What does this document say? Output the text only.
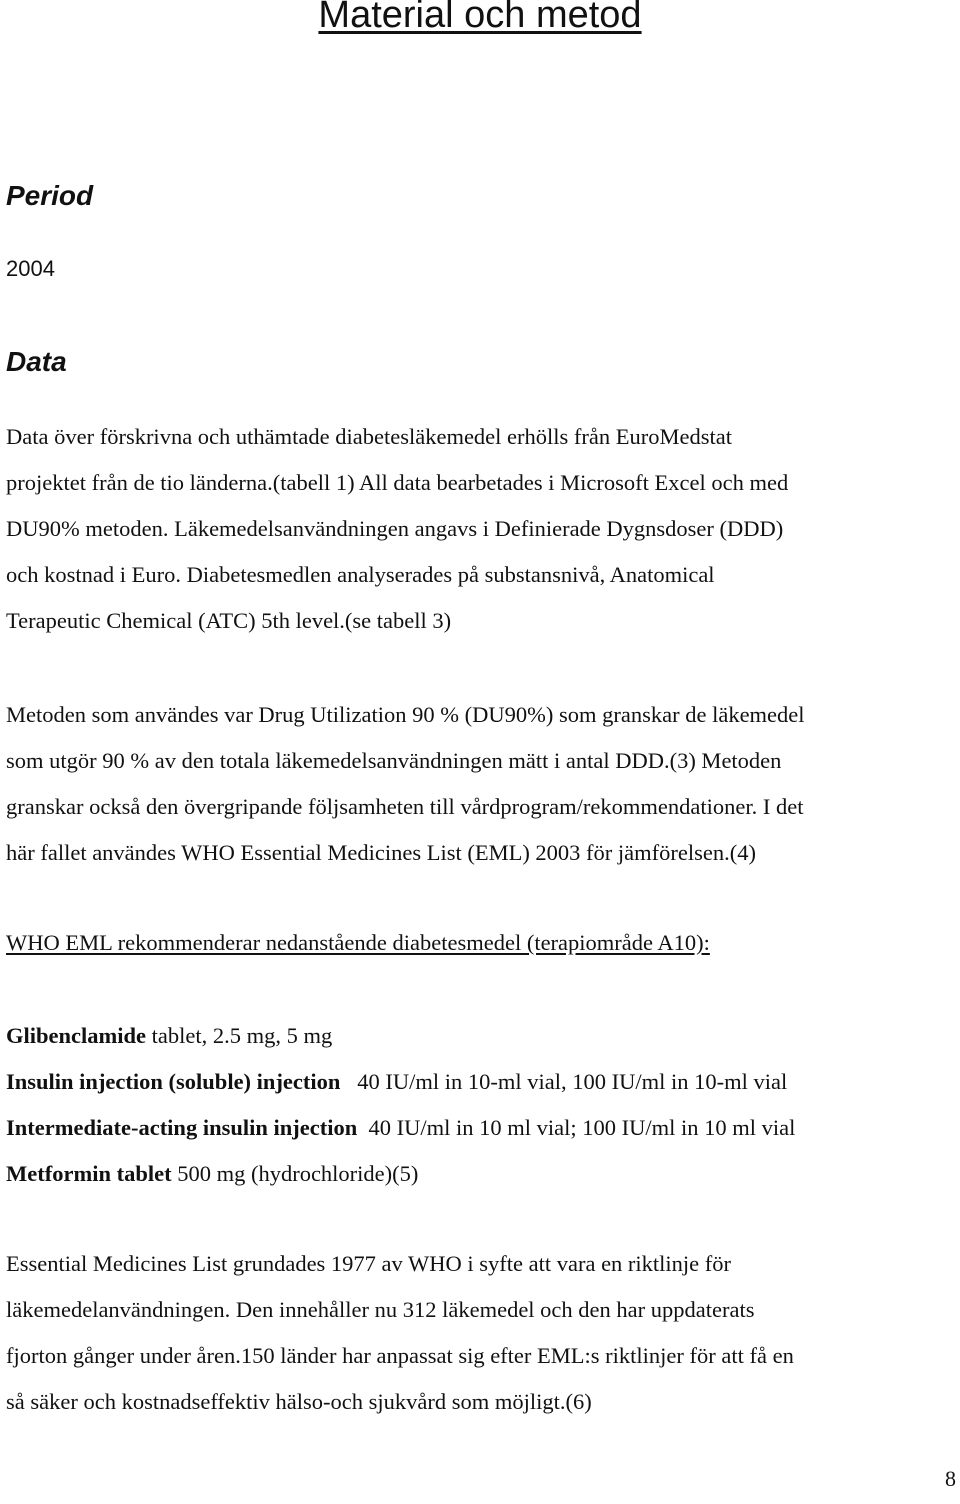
Material och metod
Period

2004

Data
Data över förskrivna och uthämtade diabetesläkemedel erhölls från EuroMedstat
projektet från de tio länderna.(tabell 1) All data bearbetades i Microsoft Excel och med
DU90% metoden. Läkemedelsanvändningen angavs i Definierade Dygnsdoser (DDD)
och kostnad i Euro. Diabetesmedlen analyserades på substansnivå, Anatomical
Terapeutic Chemical (ATC) 5th level.(se tabell 3)
Metoden som användes var Drug Utilization 90 % (DU90%) som granskar de läkemedel
som utgör 90 % av den totala läkemedelsanvändningen mätt i antal DDD.(3) Metoden
granskar också den övergripande följsamheten till vårdprogram/rekommendationer. I det
här fallet användes WHO Essential Medicines List (EML) 2003 för jämförelsen.(4)

WHO EML rekommenderar nedanstående diabetesmedel (terapiområde A10):

Glibenclamide tablet, 2.5 mg, 5 mg
Insulin injection (soluble) injection   40 IU/ml in 10-ml vial, 100 IU/ml in 10-ml vial
Intermediate-acting insulin injection  40 IU/ml in 10 ml vial; 100 IU/ml in 10 ml vial
Metformin tablet 500 mg (hydrochloride)(5)
Essential Medicines List grundades 1977 av WHO i syfte att vara en riktlinje för
läkemedelanvändningen. Den innehåller nu 312 läkemedel och den har uppdaterats
fjorton gånger under åren.150 länder har anpassat sig efter EML:s riktlinjer för att få en
så säker och kostnadseffektiv hälso-och sjukvård som möjligt.(6)
8
